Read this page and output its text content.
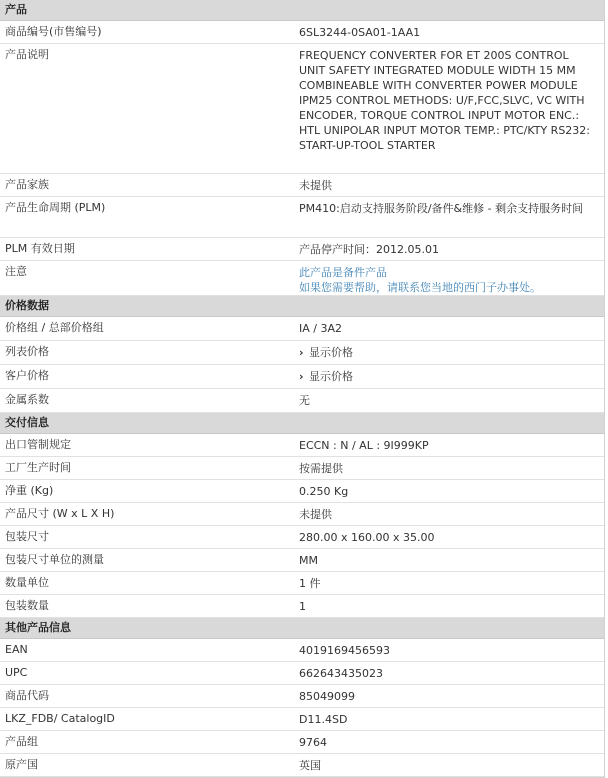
产品
商品编号(市售编号)	6SL3244-0SA01-1AA1
产品说明	FREQUENCY CONVERTER FOR ET 200S CONTROL UNIT SAFETY INTEGRATED MODULE WIDTH 15 MM COMBINEABLE WITH CONVERTER POWER MODULE IPM25 CONTROL METHODS: U/F,FCC,SLVC, VC WITH ENCODER, TORQUE CONTROL INPUT MOTOR ENC.: HTL UNIPOLAR INPUT MOTOR TEMP.: PTC/KTY RS232: START-UP-TOOL STARTER
产品家族	未提供
产品生命周期 (PLM)	PM410:启动支持服务阶段/备件&维修 - 剩余支持服务时间
PLM 有效日期	产品停产时间：2012.05.01
注意	此产品是备件产品
如果您需要帮助，请联系您当地的西门子办事处。
价格数据
价格组 / 总部价格组	IA / 3A2
列表价格	› 显示价格
客户价格	› 显示价格
金属系数	无
交付信息
出口管制规定	ECCN : N / AL : 9I999KP
工厂生产时间	按需提供
净重 (Kg)	0.250 Kg
产品尺寸 (W x L X H)	未提供
包装尺寸	280.00 x 160.00 x 35.00
包装尺寸单位的测量	MM
数量单位	1 件
包装数量	1
其他产品信息
EAN	4019169456593
UPC	662643435023
商品代码	85049099
LKZ_FDB/ CatalogID	D11.4SD
产品组	9764
原产国	英国
